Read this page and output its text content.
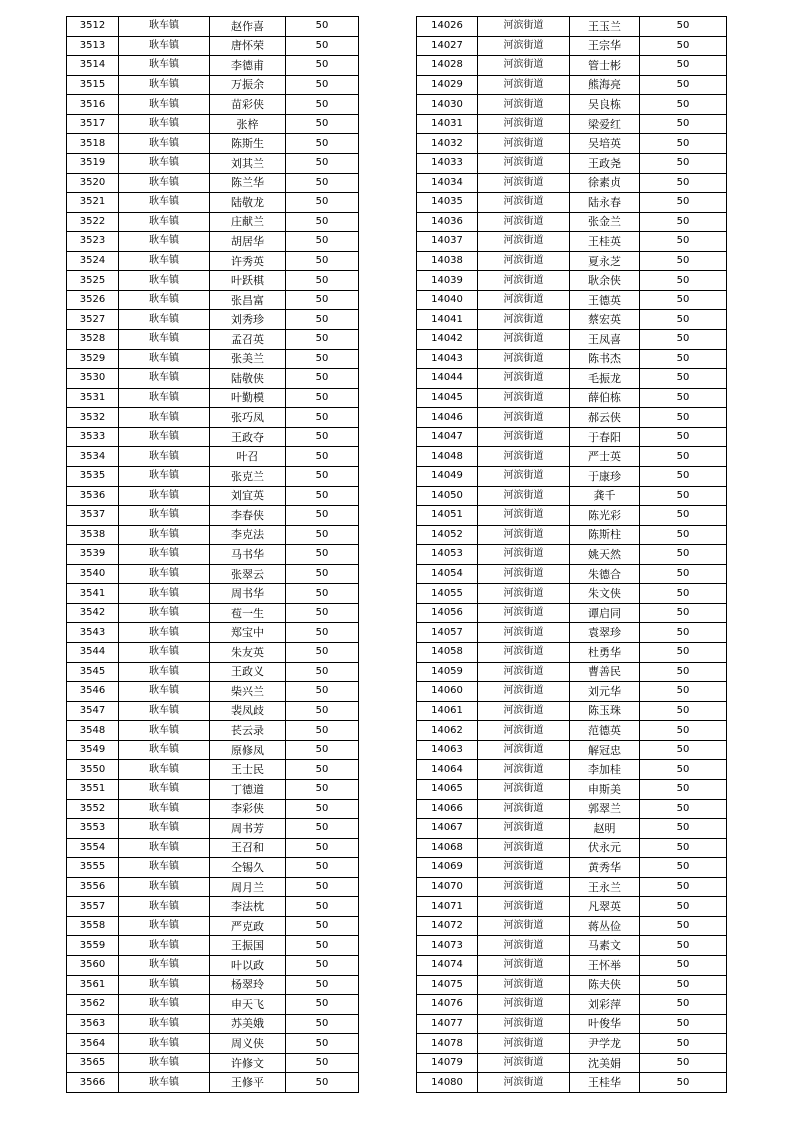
3512	耿车镇	赵作喜	50
3513	耿车镇	唐怀荣	50
3514	耿车镇	李德甫	50
3515	耿车镇	万振余	50
3516	耿车镇	苗彩侠	50
3517	耿车镇	张梓	50
3518	耿车镇	陈斯生	50
3519	耿车镇	刘其兰	50
3520	耿车镇	陈兰华	50
3521	耿车镇	陆敬龙	50
3522	耿车镇	庄献兰	50
3523	耿车镇	胡居华	50
3524	耿车镇	许秀英	50
3525	耿车镇	叶跃棋	50
3526	耿车镇	张昌富	50
3527	耿车镇	刘秀珍	50
3528	耿车镇	孟召英	50
3529	耿车镇	张美兰	50
3530	耿车镇	陆敬侠	50
3531	耿车镇	叶勤模	50
3532	耿车镇	张巧凤	50
3533	耿车镇	王政夺	50
3534	耿车镇	叶召	50
3535	耿车镇	张克兰	50
3536	耿车镇	刘宜英	50
3537	耿车镇	李春侠	50
3538	耿车镇	李克法	50
3539	耿车镇	马书华	50
3540	耿车镇	张翠云	50
3541	耿车镇	周书华	50
3542	耿车镇	苞一生	50
3543	耿车镇	郑宝中	50
3544	耿车镇	朱友英	50
3545	耿车镇	王政义	50
3546	耿车镇	柴兴兰	50
3547	耿车镇	裴凤歧	50
3548	耿车镇	苌云录	50
3549	耿车镇	原修凤	50
3550	耿车镇	王士民	50
3551	耿车镇	丁德道	50
3552	耿车镇	李彩侠	50
3553	耿车镇	周书芳	50
3554	耿车镇	王召和	50
3555	耿车镇	仝锡久	50
3556	耿车镇	周月兰	50
3557	耿车镇	李法枕	50
3558	耿车镇	严克政	50
3559	耿车镇	王振国	50
3560	耿车镇	叶以政	50
3561	耿车镇	杨翠玲	50
3562	耿车镇	申天飞	50
3563	耿车镇	苏美娥	50
3564	耿车镇	周义侠	50
3565	耿车镇	许修文	50
3566	耿车镇	王修平	50
14026	河滨街道	王玉兰	50
14027	河滨街道	王宗华	50
14028	河滨街道	管士彬	50
14029	河滨街道	熊海亮	50
14030	河滨街道	吴良栋	50
14031	河滨街道	梁爱红	50
14032	河滨街道	吴培英	50
14033	河滨街道	王政尧	50
14034	河滨街道	徐素贞	50
14035	河滨街道	陆永春	50
14036	河滨街道	张金兰	50
14037	河滨街道	王桂英	50
14038	河滨街道	夏永芝	50
14039	河滨街道	耿余侠	50
14040	河滨街道	王德英	50
14041	河滨街道	蔡宏英	50
14042	河滨街道	王凤喜	50
14043	河滨街道	陈书杰	50
14044	河滨街道	毛振龙	50
14045	河滨街道	薛伯栋	50
14046	河滨街道	郝云侠	50
14047	河滨街道	于春阳	50
14048	河滨街道	严士英	50
14049	河滨街道	于康珍	50
14050	河滨街道	龚千	50
14051	河滨街道	陈光彩	50
14052	河滨街道	陈斯柱	50
14053	河滨街道	姚天然	50
14054	河滨街道	朱德合	50
14055	河滨街道	朱文侠	50
14056	河滨街道	谭启同	50
14057	河滨街道	袁翠珍	50
14058	河滨街道	杜勇华	50
14059	河滨街道	曹善民	50
14060	河滨街道	刘元华	50
14061	河滨街道	陈玉珠	50
14062	河滨街道	范德英	50
14063	河滨街道	解冠忠	50
14064	河滨街道	李加桂	50
14065	河滨街道	申斯美	50
14066	河滨街道	郭翠兰	50
14067	河滨街道	赵明	50
14068	河滨街道	伏永元	50
14069	河滨街道	黄秀华	50
14070	河滨街道	王永兰	50
14071	河滨街道	凡翠英	50
14072	河滨街道	蒋丛俭	50
14073	河滨街道	马素文	50
14074	河滨街道	王怀举	50
14075	河滨街道	陈夫侠	50
14076	河滨街道	刘彩萍	50
14077	河滨街道	叶俊华	50
14078	河滨街道	尹学龙	50
14079	河滨街道	沈美娟	50
14080	河滨街道	王桂华	50
